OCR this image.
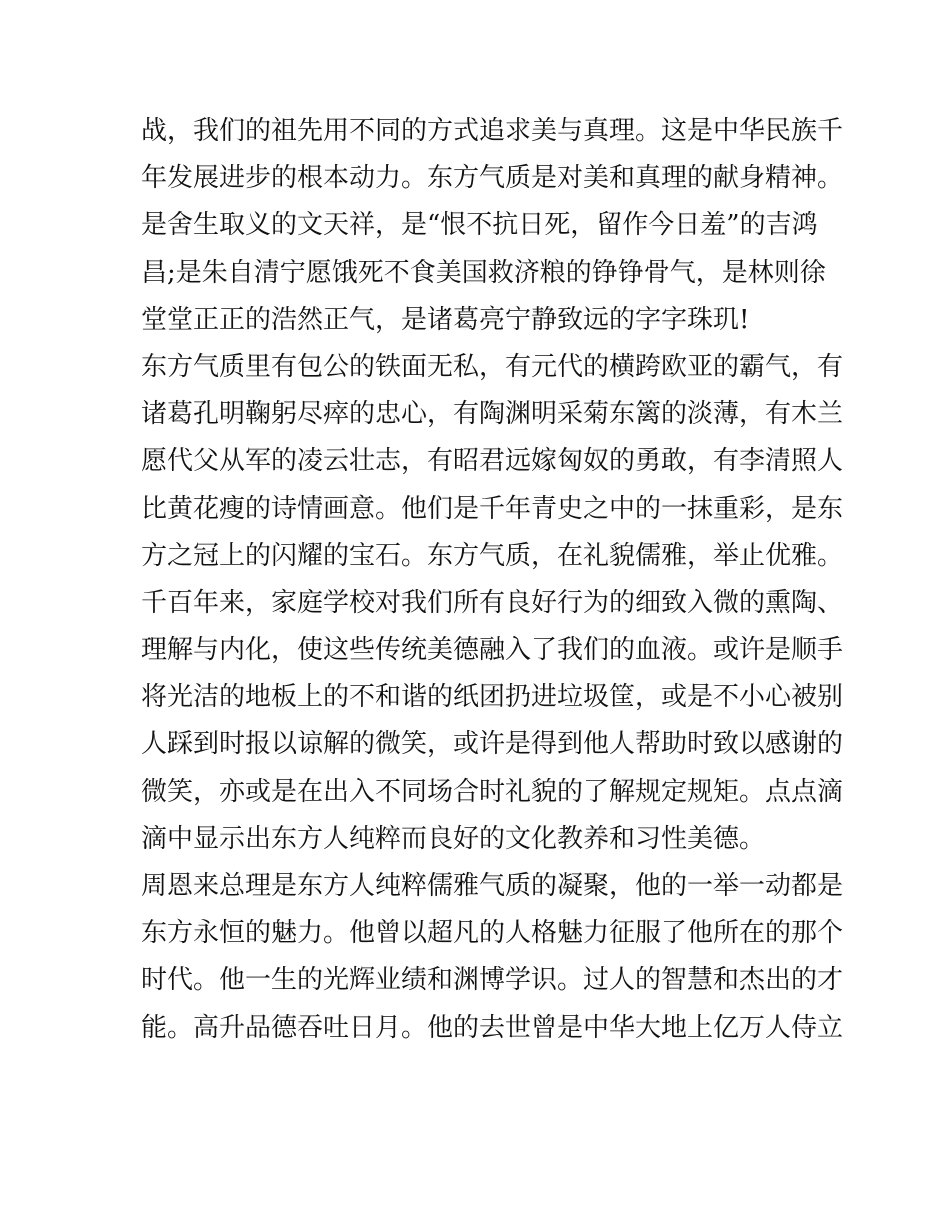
战，我们的祖先用不同的方式追求美与真理。这是中华民族千
年发展进步的根本动力。东方气质是对美和真理的献身精神。
是舍生取义的文天祥，是“恨不抗日死，留作今日羞”的吉鸿
昌;是朱自清宁愿饿死不食美国救济粮的铮铮骨气，是林则徐
堂堂正正的浩然正气，是诸葛亮宁静致远的字字珠玑!
东方气质里有包公的铁面无私，有元代的横跨欧亚的霸气，有
诸葛孔明鞠躬尽瘁的忠心，有陶渊明采菊东篱的淡薄，有木兰
愿代父从军的凌云壮志，有昭君远嫁匈奴的勇敢，有李清照人
比黄花瘦的诗情画意。他们是千年青史之中的一抹重彩，是东
方之冠上的闪耀的宝石。东方气质，在礼貌儒雅，举止优雅。
千百年来，家庭学校对我们所有良好行为的细致入微的熏陶、
理解与内化，使这些传统美德融入了我们的血液。或许是顺手
将光洁的地板上的不和谐的纸团扔进垃圾筐，或是不小心被别
人踩到时报以谅解的微笑，或许是得到他人帮助时致以感谢的
微笑，亦或是在出入不同场合时礼貌的了解规定规矩。点点滴
滴中显示出东方人纯粹而良好的文化教养和习性美德。
周恩来总理是东方人纯粹儒雅气质的凝聚，他的一举一动都是
东方永恒的魅力。他曾以超凡的人格魅力征服了他所在的那个
时代。他一生的光辉业绩和渊博学识。过人的智慧和杰出的才
能。高升品德吞吐日月。他的去世曾是中华大地上亿万人侍立
